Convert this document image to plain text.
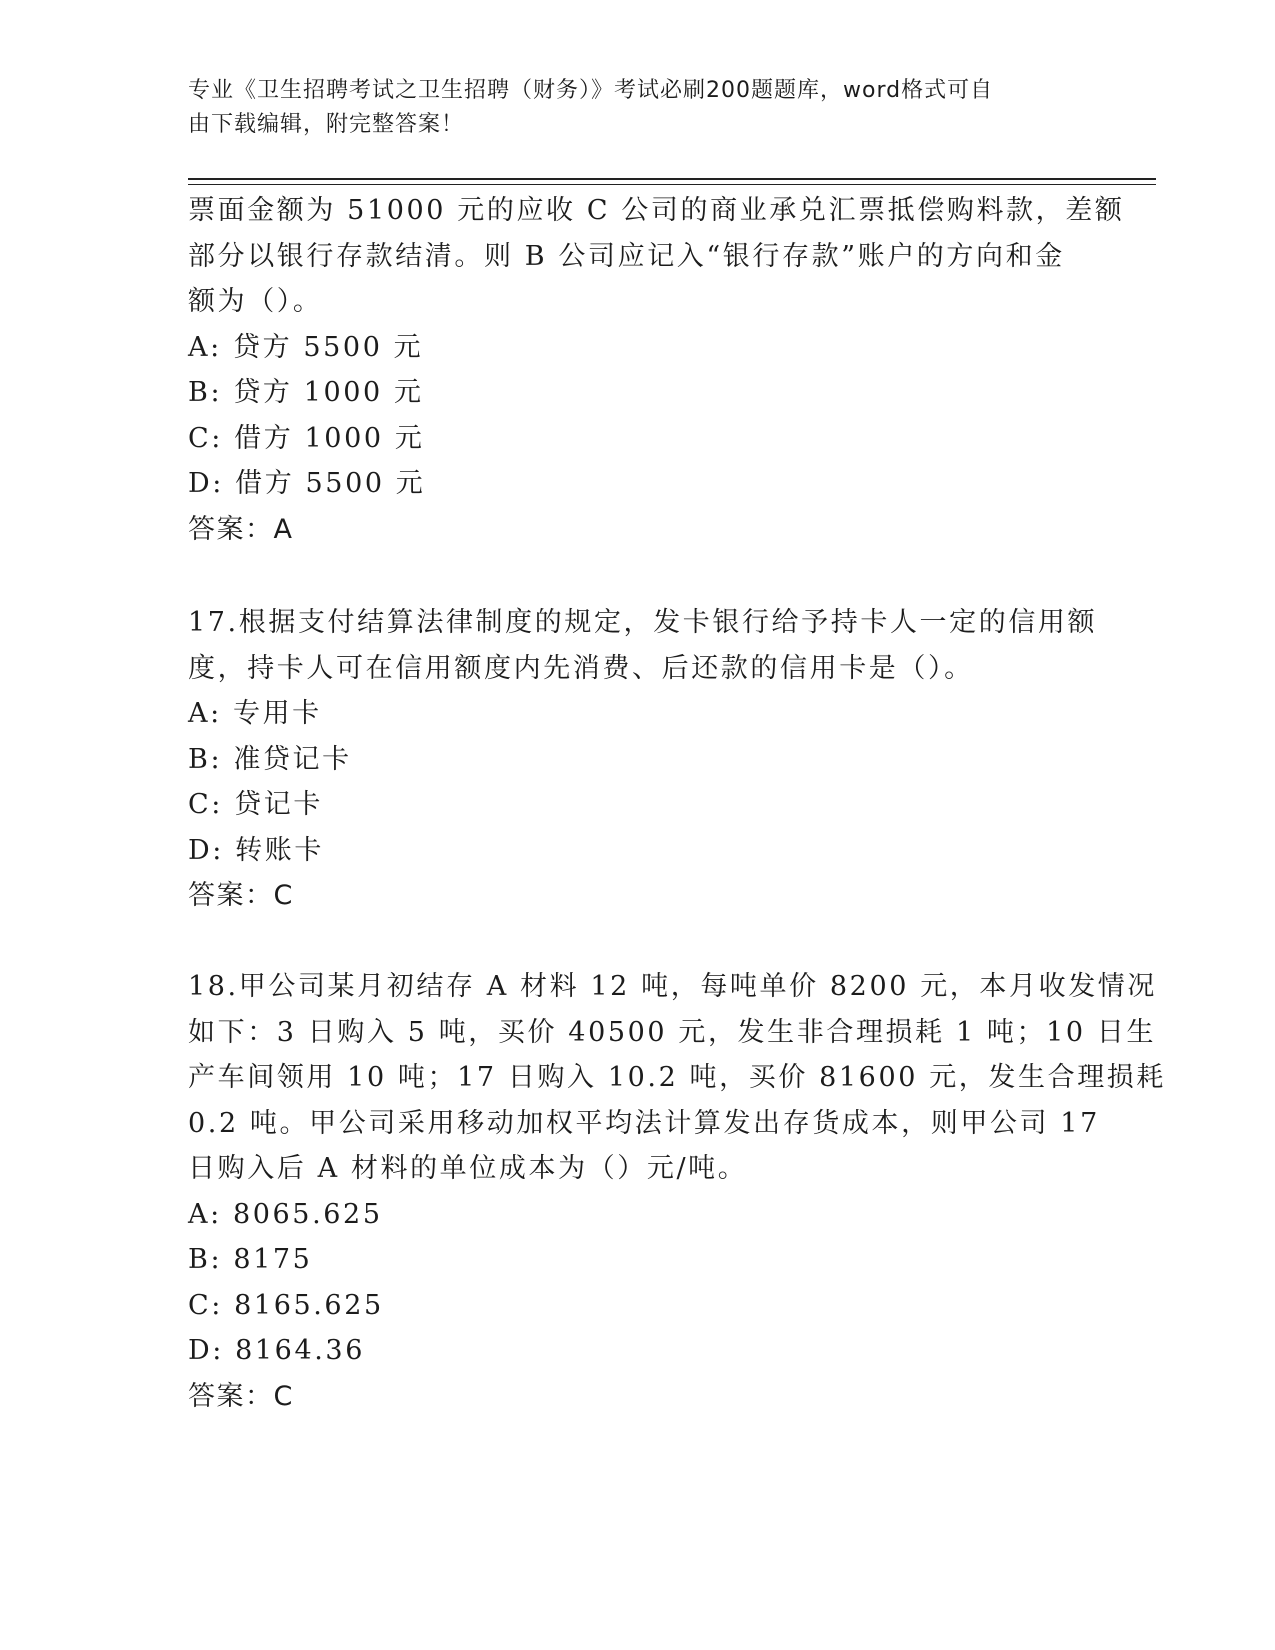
专业《卫生招聘考试之卫生招聘（财务）》考试必刷200题题库，word格式可自
由下载编辑，附完整答案！
票面金额为 51000 元的应收 C 公司的商业承兑汇票抵偿购料款，差额
部分以银行存款结清。则 B 公司应记入“银行存款”账户的方向和金
额为（）。
A: 贷方 5500 元
B: 贷方 1000 元
C: 借方 1000 元
D: 借方 5500 元
答案：A
17.根据支付结算法律制度的规定，发卡银行给予持卡人一定的信用额
度，持卡人可在信用额度内先消费、后还款的信用卡是（）。
A: 专用卡
B: 准贷记卡
C: 贷记卡
D: 转账卡
答案：C
18.甲公司某月初结存 A 材料 12 吨，每吨单价 8200 元，本月收发情况
如下：3 日购入 5 吨，买价 40500 元，发生非合理损耗 1 吨；10 日生
产车间领用 10 吨；17 日购入 10.2 吨，买价 81600 元，发生合理损耗
0.2 吨。甲公司采用移动加权平均法计算发出存货成本，则甲公司 17
日购入后 A 材料的单位成本为（）元/吨。
A: 8065.625
B: 8175
C: 8165.625
D: 8164.36
答案：C
